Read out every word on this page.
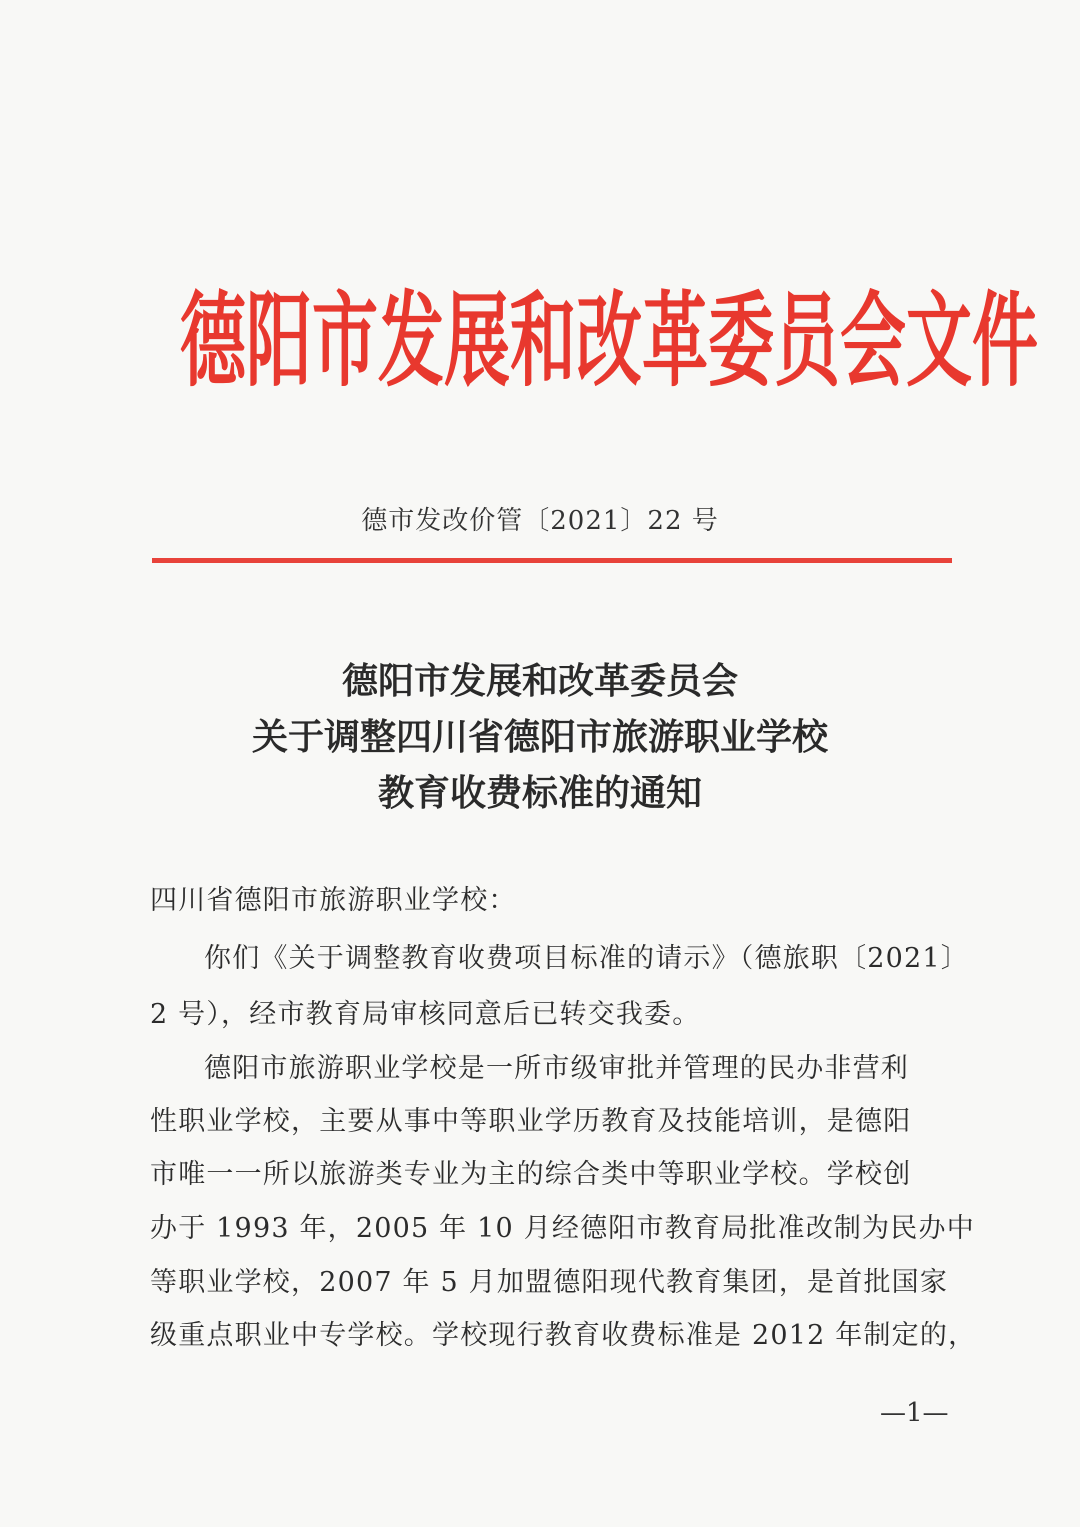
德阳市发展和改革委员会文件
德市发改价管〔2021〕22 号
德阳市发展和改革委员会
关于调整四川省德阳市旅游职业学校
教育收费标准的通知
四川省德阳市旅游职业学校：
你们《关于调整教育收费项目标准的请示》（德旅职〔2021〕
2 号），经市教育局审核同意后已转交我委。
德阳市旅游职业学校是一所市级审批并管理的民办非营利
性职业学校，主要从事中等职业学历教育及技能培训，是德阳
市唯一一所以旅游类专业为主的综合类中等职业学校。学校创
办于 1993 年，2005 年 10 月经德阳市教育局批准改制为民办中
等职业学校，2007 年 5 月加盟德阳现代教育集团，是首批国家
级重点职业中专学校。学校现行教育收费标准是 2012 年制定的，
—1—
